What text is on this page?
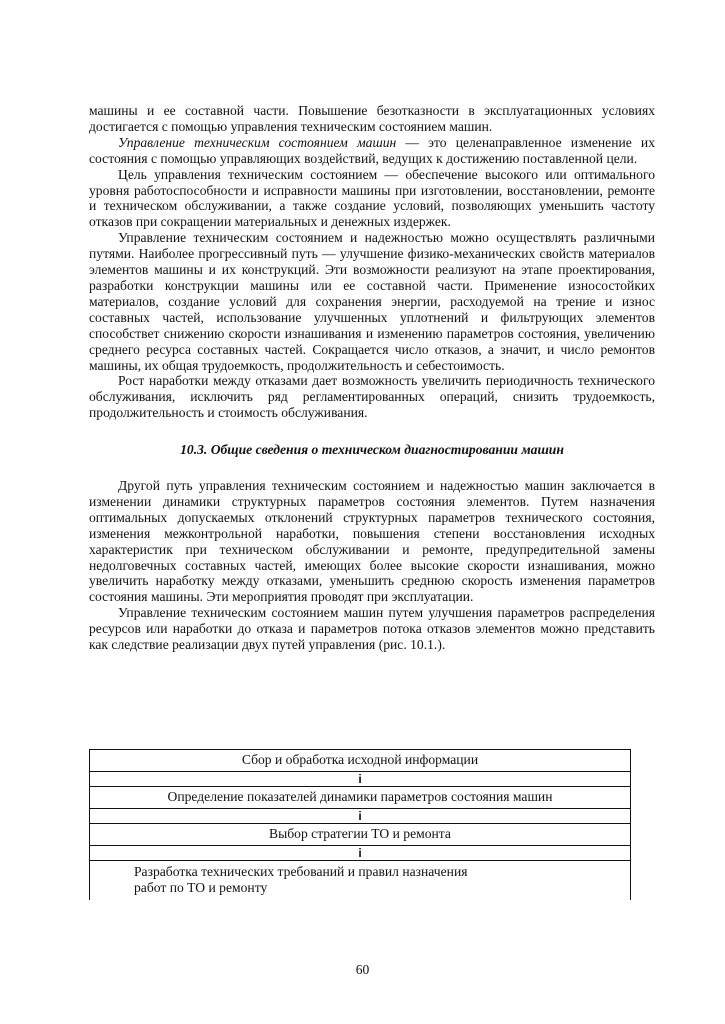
машины и ее составной части. Повышение безотказности в эксплуатационных условиях достигается с помощью управления техническим состоянием машин.

Управление техническим состоянием машин — это целенаправленное изменение их состояния с помощью управляющих воздействий, ведущих к достижению поставленной цели.

Цель управления техническим состоянием — обеспечение высокого или оптимального уровня работоспособности и исправности машины при изготовлении, восстановлении, ремонте и техническом обслуживании, а также создание условий, позволяющих уменьшить частоту отказов при сокращении материальных и денежных издержек.

Управление техническим состоянием и надежностью можно осуществлять различными путями. Наиболее прогрессивный путь — улучшение физико-механических свойств материалов элементов машины и их конструкций. Эти возможности реализуют на этапе проектирования, разработки конструкции машины или ее составной части. Применение износостойких материалов, создание условий для сохранения энергии, расходуемой на трение и износ составных частей, использование улучшенных уплотнений и фильтрующих элементов способствет снижению скорости изнашивания и изменению параметров состояния, увеличению среднего ресурса составных частей. Сокращается число отказов, а значит, и число ремонтов машины, их общая трудоемкость, продолжительность и себестоимость.

Рост наработки между отказами дает возможность увеличить периодичность технического обслуживания, исключить ряд регламентированных операций, снизить трудоемкость, продолжительность и стоимость обслуживания.

10.3. Общие сведения о техническом диагностировании машин

Другой путь управления техническим состоянием и надежностью машин заключается в изменении динамики структурных параметров состояния элементов. Путем назначения оптимальных допускаемых отклонений структурных параметров технического состояния, изменения межконтрольной наработки, повышения степени восстановления исходных характеристик при техническом обслуживании и ремонте, предупредительной замены недолговечных составных частей, имеющих более высокие скорости изнашивания, можно увеличить наработку между отказами, уменьшить среднюю скорость изменения параметров состояния машины. Эти мероприятия проводят при эксплуатации.

Управление техническим состоянием машин путем улучшения параметров распределения ресурсов или наработки до отказа и параметров потока отказов элементов можно представить как следствие реализации двух путей управления (рис. 10.1.).

Сбор и обработка исходной информации
i
Определение показателей динамики параметров состояния машин
i
Выбор стратегии ТО и ремонта
i
Разработка технических требований и правил назначения
работ по ТО и ремонту
60
